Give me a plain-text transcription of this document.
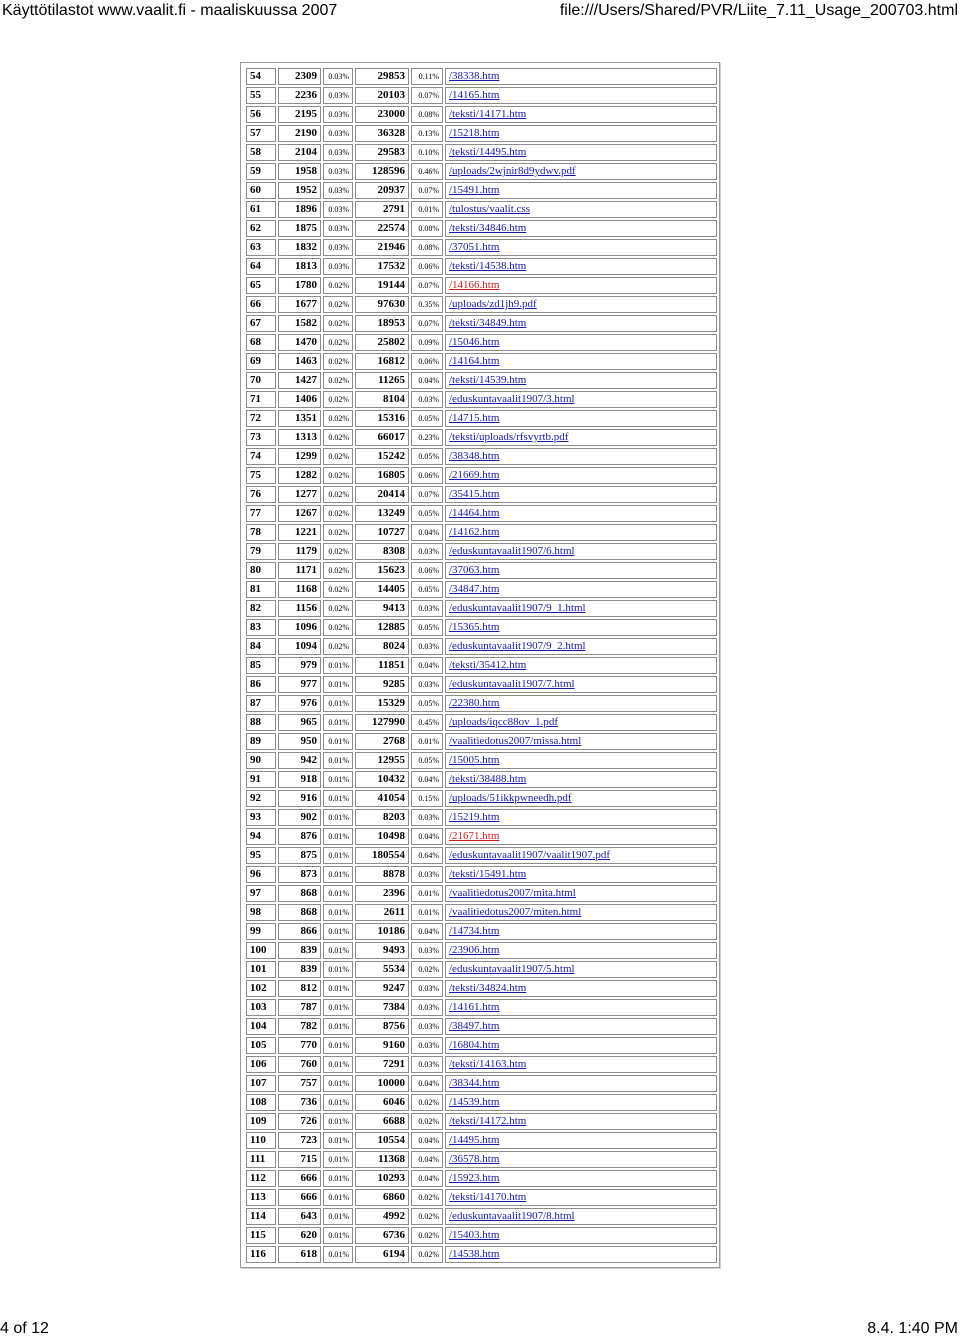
Käyttötilastot www.vaalit.fi - maaliskuussa 2007	file:///Users/Shared/PVR/Liite_7.11_Usage_200703.html
54	2309	0.03%	29853	0.11%	/38338.htm
55	2236	0.03%	20103	0.07%	/14165.htm
56	2195	0.03%	23000	0.08%	/teksti/14171.htm
57	2190	0.03%	36328	0.13%	/15218.htm
58	2104	0.03%	29583	0.10%	/teksti/14495.htm
59	1958	0.03%	128596	0.46%	/uploads/2wjnir8d9ydwv.pdf
60	1952	0.03%	20937	0.07%	/15491.htm
61	1896	0.03%	2791	0.01%	/tulostus/vaalit.css
62	1875	0.03%	22574	0.08%	/teksti/34846.htm
63	1832	0.03%	21946	0.08%	/37051.htm
64	1813	0.03%	17532	0.06%	/teksti/14538.htm
65	1780	0.02%	19144	0.07%	/14166.htm
66	1677	0.02%	97630	0.35%	/uploads/zd1jh9.pdf
67	1582	0.02%	18953	0.07%	/teksti/34849.htm
68	1470	0.02%	25802	0.09%	/15046.htm
69	1463	0.02%	16812	0.06%	/14164.htm
70	1427	0.02%	11265	0.04%	/teksti/14539.htm
71	1406	0.02%	8104	0.03%	/eduskuntavaalit1907/3.html
72	1351	0.02%	15316	0.05%	/14715.htm
73	1313	0.02%	66017	0.23%	/teksti/uploads/rfsvyrtb.pdf
74	1299	0.02%	15242	0.05%	/38348.htm
75	1282	0.02%	16805	0.06%	/21669.htm
76	1277	0.02%	20414	0.07%	/35415.htm
77	1267	0.02%	13249	0.05%	/14464.htm
78	1221	0.02%	10727	0.04%	/14162.htm
79	1179	0.02%	8308	0.03%	/eduskuntavaalit1907/6.html
80	1171	0.02%	15623	0.06%	/37063.htm
81	1168	0.02%	14405	0.05%	/34847.htm
82	1156	0.02%	9413	0.03%	/eduskuntavaalit1907/9_1.html
83	1096	0.02%	12885	0.05%	/15365.htm
84	1094	0.02%	8024	0.03%	/eduskuntavaalit1907/9_2.html
85	979	0.01%	11851	0.04%	/teksti/35412.htm
86	977	0.01%	9285	0.03%	/eduskuntavaalit1907/7.html
87	976	0.01%	15329	0.05%	/22380.htm
88	965	0.01%	127990	0.45%	/uploads/iqcc88ov_1.pdf
89	950	0.01%	2768	0.01%	/vaalitiedotus2007/missa.html
90	942	0.01%	12955	0.05%	/15005.htm
91	918	0.01%	10432	0.04%	/teksti/38488.htm
92	916	0.01%	41054	0.15%	/uploads/51ikkpwneedh.pdf
93	902	0.01%	8203	0.03%	/15219.htm
94	876	0.01%	10498	0.04%	/21671.htm
95	875	0.01%	180554	0.64%	/eduskuntavaalit1907/vaalit1907.pdf
96	873	0.01%	8878	0.03%	/teksti/15491.htm
97	868	0.01%	2396	0.01%	/vaalitiedotus2007/mita.html
98	868	0.01%	2611	0.01%	/vaalitiedotus2007/miten.html
99	866	0.01%	10186	0.04%	/14734.htm
100	839	0.01%	9493	0.03%	/23906.htm
101	839	0.01%	5534	0.02%	/eduskuntavaalit1907/5.html
102	812	0.01%	9247	0.03%	/teksti/34824.htm
103	787	0.01%	7384	0.03%	/14161.htm
104	782	0.01%	8756	0.03%	/38497.htm
105	770	0.01%	9160	0.03%	/16804.htm
106	760	0.01%	7291	0.03%	/teksti/14163.htm
107	757	0.01%	10000	0.04%	/38344.htm
108	736	0.01%	6046	0.02%	/14539.htm
109	726	0.01%	6688	0.02%	/teksti/14172.htm
110	723	0.01%	10554	0.04%	/14495.htm
111	715	0.01%	11368	0.04%	/36578.htm
112	666	0.01%	10293	0.04%	/15923.htm
113	666	0.01%	6860	0.02%	/teksti/14170.htm
114	643	0.01%	4992	0.02%	/eduskuntavaalit1907/8.html
115	620	0.01%	6736	0.02%	/15403.htm
116	618	0.01%	6194	0.02%	/14538.htm
4 of 12	8.4. 1:40 PM
